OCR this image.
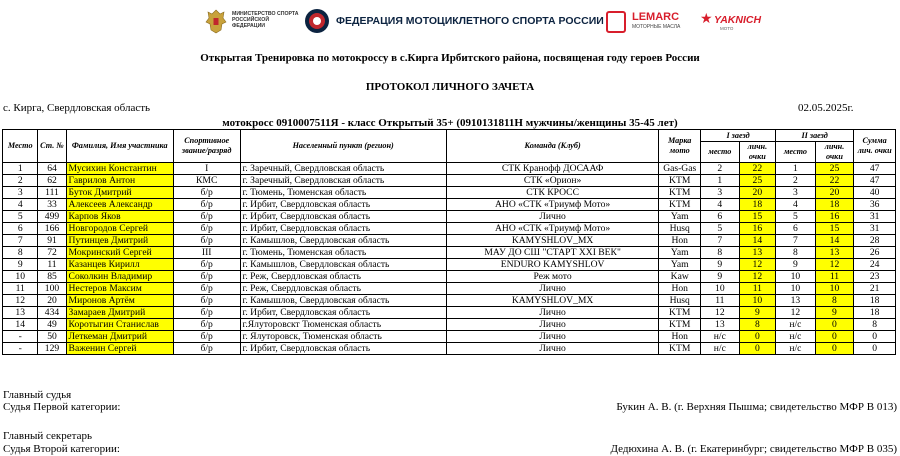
МИНИСТЕРСТВО СПОРТА РОССИЙСКОЙ ФЕДЕРАЦИИ	ФЕДЕРАЦИЯ МОТОЦИКЛЕТНОГО СПОРТА РОССИИ	LEMARC
МОТОРНЫЕ МАСЛА ★ YAKNICH
MOTO
Открытая Тренировка по мотокроссу в с.Кирга Ирбитского района, посвященая году героев России
ПРОТОКОЛ ЛИЧНОГО ЗАЧЕТА
с. Кирга, Свердловская область	02.05.2025г.
мотокросс 0910007511Я - класс Открытый 35+ (0910131811Н мужчины/женщины 35-45 лет)
Место	Ст. №	Фамилия, Имя участника	Спортивное звание/разряд	Населенный пункт (регион)	Команда (Клуб)	Марка мото	I заезд		II заезд		Сумма лич. очки
							место	личн. очки	место	личн. очки	
1	64	Мусихин Константин	I	г. Заречный, Свердловская область	СТК Кранофф ДОСААФ	Gas-Gas	2	22	1	25	47
2	62	Гаврилов Антон	КМС	г. Заречный, Свердловская область	СТК «Орион»	KTM	1	25	2	22	47
3	111	Буток Дмитрий	б/р	г. Тюмень, Тюменская область	СТК КРОСС	KTM	3	20	3	20	40
4	33	Алексеев Александр	б/р	г. Ирбит, Свердловская область	АНО «СТК «Триумф Мото»	KTM	4	18	4	18	36
5	499	Карпов Яков	б/р	г. Ирбит, Свердловская область	Лично	Yam	6	15	5	16	31
6	166	Новгородов Сергей	б/р	г. Ирбит, Свердловская область	АНО «СТК «Триумф Мото»	Husq	5	16	6	15	31
7	91	Путинцев Дмитрий	б/р	г. Камышлов, Свердловская область	KAMYSHLOV_MX	Hon	7	14	7	14	28
8	72	Мокринский Сергей	III	г. Тюмень, Тюменская область	МАУ ДО СШ "СТАРТ XXI ВЕК"	Yam	8	13	8	13	26
9	11	Казанцев Кирилл	б/р	г. Камышлов, Свердловская область	ENDURO KAMYSHLOV	Yam	9	12	9	12	24
10	85	Соколкин Владимир	б/р	г. Реж, Свердловская область	Реж мото	Kaw	9	12	10	11	23
11	100	Нестеров Максим	б/р	г. Реж, Свердловская область	Лично	Hon	10	11	10	10	21
12	20	Миронов Артём	б/р	г. Камышлов, Свердловская область	KAMYSHLOV_MX	Husq	11	10	13	8	18
13	434	Замараев Дмитрий	б/р	г. Ирбит, Свердловская область	Лично	KTM	12	9	12	9	18
14	49	Коротыгин Станислав	б/р	г.Ялуторовскт Тюменская область	Лично	KTM	13	8	н/с	0	8
-	50	Леткеман Дмитрий	б/р	г. Ялуторовск, Тюменская область	Лично	Hon	н/с	0	н/с	0	0
-	129	Важенин Сергей	б/р	г. Ирбит, Свердловская область	Лично	KTM	н/с	0	н/с	0	0
Главный судья
Судья Первой категории:	Букин А. В. (г. Верхняя Пышма; свидетельство МФР В 013)
Главный секретарь
Судья Второй категории:	Дедюхина А. В. (г. Екатеринбург; свидетельство МФР В 035)
